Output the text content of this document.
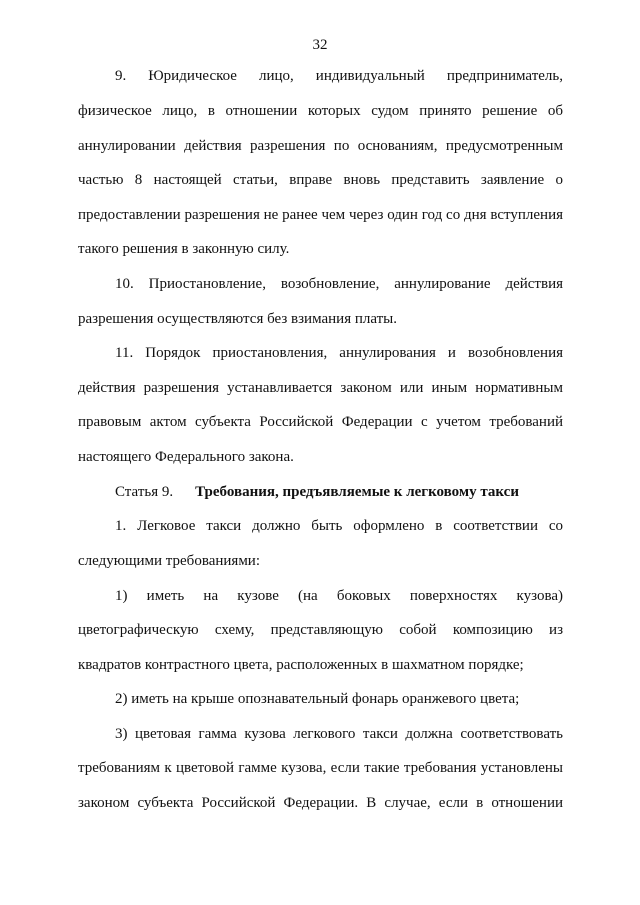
32
9. Юридическое лицо, индивидуальный предприниматель,
физическое лицо, в отношении которых судом принято решение об
аннулировании действия разрешения по основаниям, предусмотренным
частью 8 настоящей статьи, вправе вновь представить заявление о
предоставлении разрешения не ранее чем через один год со дня вступления
такого решения в законную силу.
10. Приостановление, возобновление, аннулирование действия
разрешения осуществляются без взимания платы.
11. Порядок приостановления, аннулирования и возобновления
действия разрешения устанавливается законом или иным нормативным
правовым актом субъекта Российской Федерации с учетом требований
настоящего Федерального закона.
Статья 9. Требования, предъявляемые к легковому такси
1. Легковое такси должно быть оформлено в соответствии со
следующими требованиями:
1) иметь на кузове (на боковых поверхностях кузова)
цветографическую схему, представляющую собой композицию из
квадратов контрастного цвета, расположенных в шахматном порядке;
2) иметь на крыше опознавательный фонарь оранжевого цвета;
3) цветовая гамма кузова легкового такси должна соответствовать
требованиям к цветовой гамме кузова, если такие требования установлены
законом субъекта Российской Федерации. В случае, если в отношении
